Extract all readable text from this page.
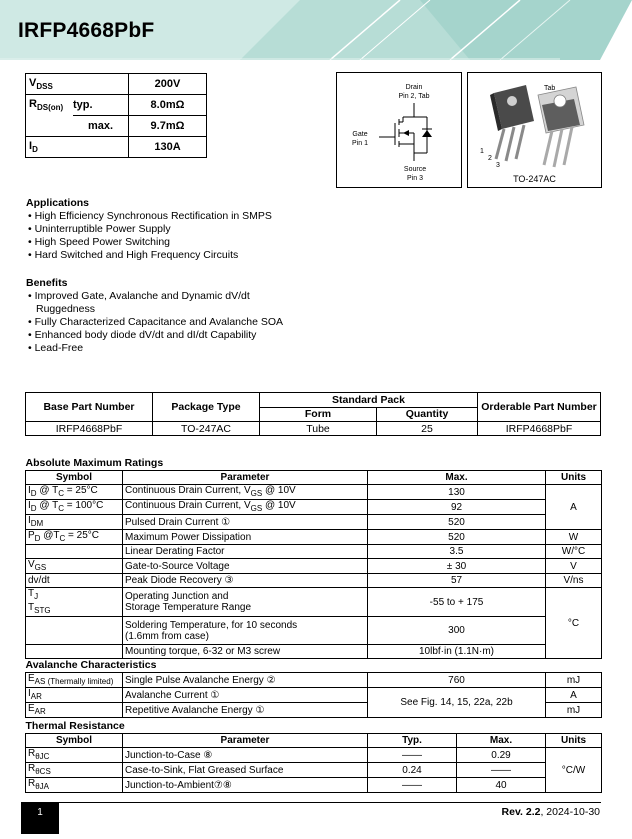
IRFP4668PbF
$V_{DSS}$		200V
$R_{DS(on)}$	typ.	8.0mΩ
	max.	9.7mΩ
$I_D$		130A
Drain
Pin 2, Tab
Gate
Pin 1
Source
Pin 3
Tab
1
2
3
TO-247AC
Applications
• High Efficiency Synchronous Rectification in SMPS
• Uninterruptible Power Supply
• High Speed Power Switching
• Hard Switched and High Frequency Circuits
Benefits
• Improved Gate, Avalanche and Dynamic dV/dt Ruggedness
• Fully Characterized Capacitance and Avalanche SOA
• Enhanced body diode dV/dt and dI/dt Capability
• Lead-Free
Base Part Number	Package Type	Standard Pack		Orderable Part Number
		Form	Quantity	
IRFP4668PbF	TO-247AC	Tube	25	IRFP4668PbF
Absolute Maximum Ratings			
Symbol	Parameter	Max.	Units
$I_D$ @ $T_C = 25^\circ C$	Continuous Drain Current, $V_{GS}$ @ 10V	130	A
$I_D$ @ $T_C = 100^\circ C$	Continuous Drain Current, $V_{GS}$ @ 10V	92	
$I_{DM}$	Pulsed Drain Current ①	520	
$P_D$ $@T_C = 25^\circ C$	Maximum Power Dissipation	520	W
	Linear Derating Factor	3.5	W/°C
$V_{GS}$	Gate-to-Source Voltage	± 30	V
dv/dt	Peak Diode Recovery ③	57	V/ns
$T_J$
$T_{STG}$	Operating Junction and
Storage Temperature Range	-55 to + 175	°C
	Soldering Temperature, for 10 seconds
(1.6mm from case)	300	
	Mounting torque, 6-32 or M3 screw	10lbf·in (1.1N·m)	
Avalanche Characteristics			
$E_{AS (Thermally limited)}$	Single Pulse Avalanche Energy ②	760	mJ
$I_{AR}$	Avalanche Current ①	See Fig. 14, 15, 22a, 22b	A
$E_{AR}$	Repetitive Avalanche Energy ①		mJ
Thermal Resistance				
Symbol	Parameter	Typ.	Max.	Units
$R_{\theta JC}$	Junction-to-Case ⑧	——	0.29	°C/W
$R_{\theta CS}$	Case-to-Sink, Flat Greased Surface	0.24	——	
$R_{\theta JA}$	Junction-to-Ambient⑦⑧	——	40	
1	Rev. 2.2, 2024-10-30
